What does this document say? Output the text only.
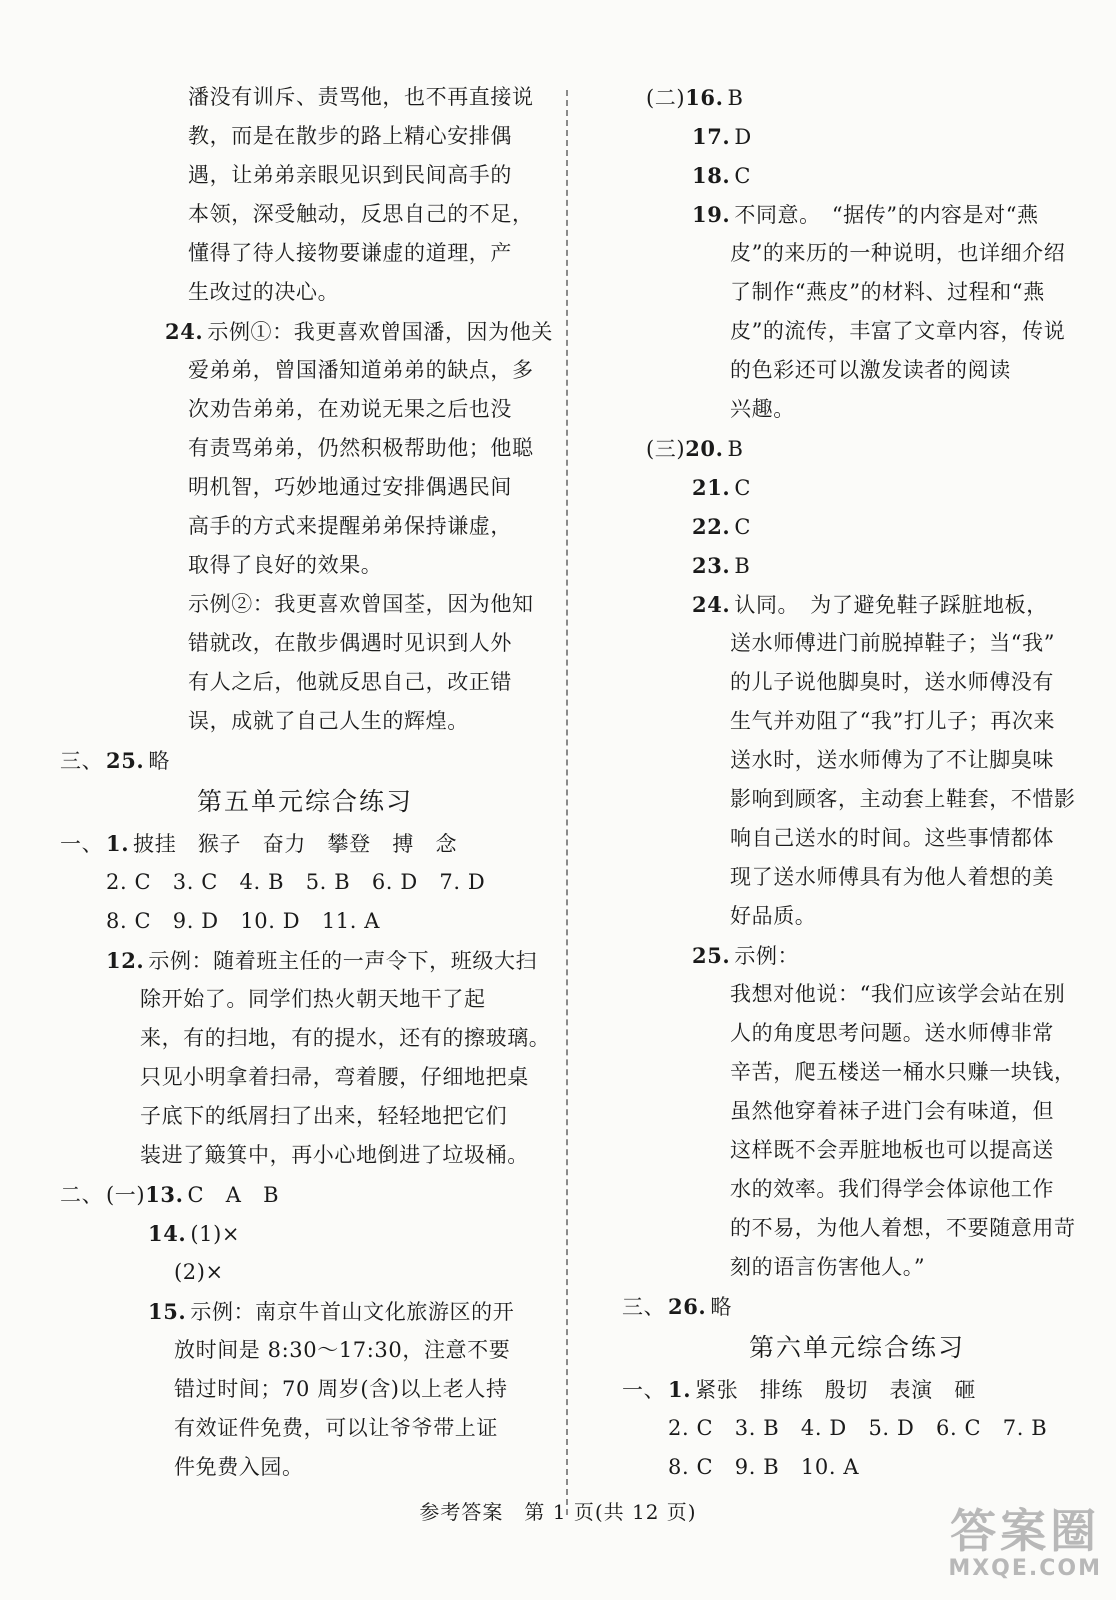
潘没有训斥、责骂他，也不再直接说
教，而是在散步的路上精心安排偶
遇，让弟弟亲眼见识到民间高手的
本领，深受触动，反思自己的不足，
懂得了待人接物要谦虚的道理，产
生改过的决心。
24. 示例①：我更喜欢曾国潘，因为他关
爱弟弟，曾国潘知道弟弟的缺点，多
次劝告弟弟，在劝说无果之后也没
有责骂弟弟，仍然积极帮助他；他聪
明机智，巧妙地通过安排偶遇民间
高手的方式来提醒弟弟保持谦虚，
取得了良好的效果。
示例②：我更喜欢曾国荃，因为他知
错就改，在散步偶遇时见识到人外
有人之后，他就反思自己，改正错
误，成就了自己人生的辉煌。
三、 25. 略
第五单元综合练习
一、 1. 披挂　猴子　奋力　攀登　搏　念
2. C　3. C　4. B　5. B　6. D　7. D
8. C　9. D　10. D　11. A
12. 示例：随着班主任的一声令下，班级大扫
除开始了。同学们热火朝天地干了起
来，有的扫地，有的提水，还有的擦玻璃。
只见小明拿着扫帚，弯着腰，仔细地把桌
子底下的纸屑扫了出来，轻轻地把它们
装进了簸箕中，再小心地倒进了垃圾桶。
二、 (一)13. C　A　B
14. (1)×
(2)×
15. 示例：南京牛首山文化旅游区的开
放时间是 8:30～17:30，注意不要
错过时间；70 周岁(含)以上老人持
有效证件免费，可以让爷爷带上证
件免费入园。
(二)16. B
17. D
18. C
19. 不同意。　“据传”的内容是对“燕
皮”的来历的一种说明，也详细介绍
了制作“燕皮”的材料、过程和“燕
皮”的流传，丰富了文章内容，传说
的色彩还可以激发读者的阅读
兴趣。
(三)20. B
21. C
22. C
23. B
24. 认同。　为了避免鞋子踩脏地板，
送水师傅进门前脱掉鞋子；当“我”
的儿子说他脚臭时，送水师傅没有
生气并劝阻了“我”打儿子；再次来
送水时，送水师傅为了不让脚臭味
影响到顾客，主动套上鞋套，不惜影
响自己送水的时间。这些事情都体
现了送水师傅具有为他人着想的美
好品质。
25. 示例：
我想对他说：“我们应该学会站在别
人的角度思考问题。送水师傅非常
辛苦，爬五楼送一桶水只赚一块钱，
虽然他穿着袜子进门会有味道，但
这样既不会弄脏地板也可以提高送
水的效率。我们得学会体谅他工作
的不易，为他人着想，不要随意用苛
刻的语言伤害他人。”
三、 26. 略
第六单元综合练习
一、 1. 紧张　排练　殷切　表演　砸
2. C　3. B　4. D　5. D　6. C　7. B
8. C　9. B　10. A
参考答案　第 1 页(共 12 页)	答案圈
MXQE.COM
